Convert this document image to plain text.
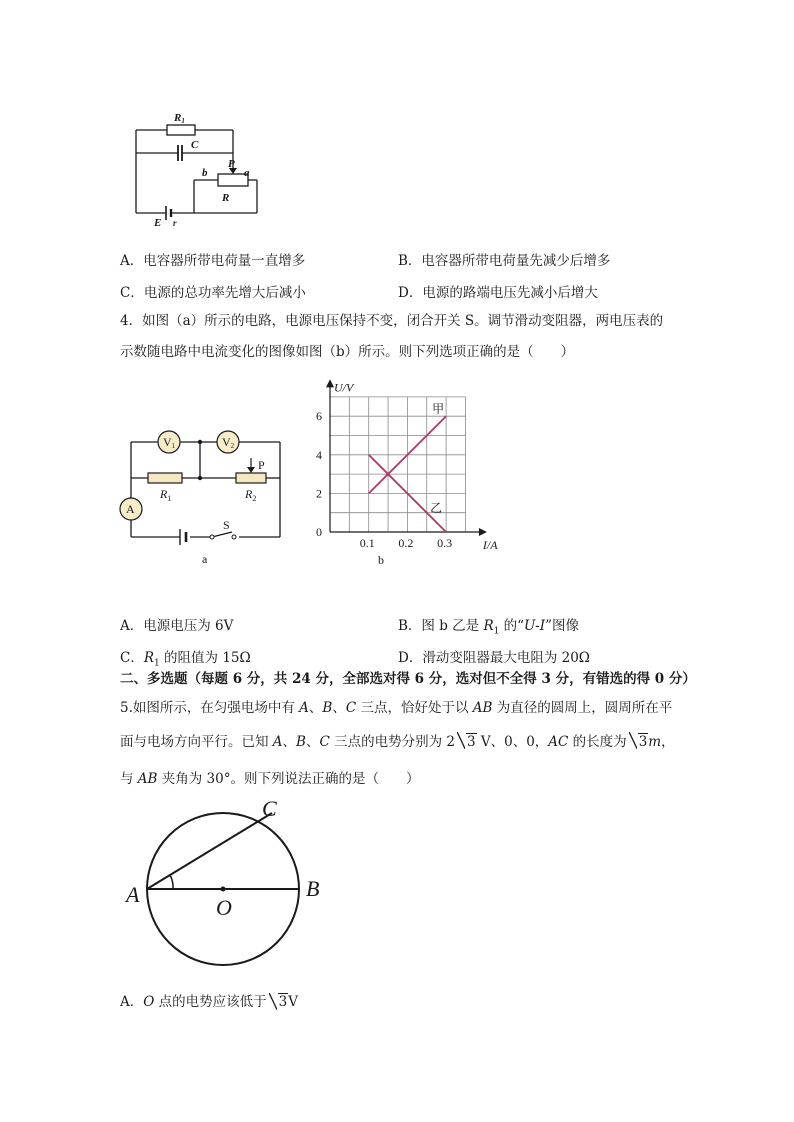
R1
C
P
a
b
R
E r
A．电容器所带电荷量一直增多	B．电容器所带电荷量先减少后增多
C．电源的总功率先增大后减小	D．电源的路端电压先减小后增大
4．如图（a）所示的电路，电源电压保持不变，闭合开关 S。调节滑动变阻器，两电压表的
示数随电路中电流变化的图像如图（b）所示。则下列选项正确的是（　　）
V1	V2
A
P
$R_1$	$R_2$
S
a
0.1 0.2 0.3
0
2
4
6
U/V
I/A
甲
乙
b
A．电源电压为 6V	B．图 b 乙是 $R_1$ 的“U-I”图像
C．$R_1$ 的阻值为 15Ω	D．滑动变阻器最大电阻为 20Ω
二、多选题（每题 6 分，共 24 分，全部选对得 6 分，选对但不全得 3 分，有错选的得 0 分）
5.如图所示，在匀强电场中有 A、B、C 三点，恰好处于以 AB 为直径的圆周上，圆周所在平
面与电场方向平行。已知 A、B、C 三点的电势分别为 2 3 V、0、0，AC 的长度为 3m，
与 AB 夹角为 30°。则下列说法正确的是（　　）
A	B
C
O
A．O 点的电势应该低于 3V
